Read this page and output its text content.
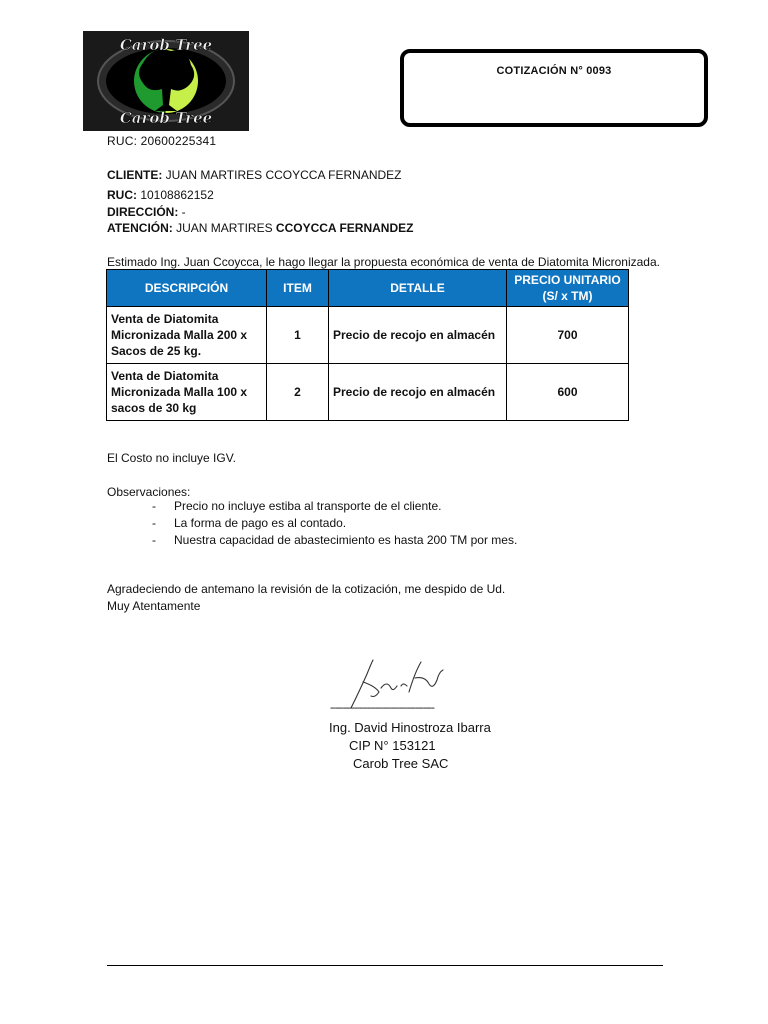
Carob Tree
Carob Tree
RUC: 20600225341
COTIZACIÓN N° 0093
CLIENTE: JUAN MARTIRES CCOYCCA FERNANDEZ
RUC: 10108862152
DIRECCIÓN: -
ATENCIÓN: JUAN MARTIRES CCOYCCA FERNANDEZ
Estimado Ing. Juan Ccoycca, le hago llegar la propuesta económica de venta de Diatomita Micronizada.
DESCRIPCIÓN	ITEM	DETALLE	PRECIO UNITARIO
(S/ x TM)

Venta de Diatomita
Micronizada Malla 200 x
Sacos de 25 kg.	1	Precio de recojo en almacén	700

Venta de Diatomita
Micronizada Malla 100 x
sacos de 30 kg	2	Precio de recojo en almacén	600
El Costo no incluye IGV.
Observaciones:
- Precio no incluye estiba al transporte de el cliente.
- La forma de pago es al contado.
- Nuestra capacidad de abastecimiento es hasta 200 TM por mes.
Agradeciendo de antemano la revisión de la cotización, me despido de Ud.
Muy Atentamente
---------------------------------------
Ing. David Hinostroza Ibarra
CIP N° 153121
Carob Tree SAC
